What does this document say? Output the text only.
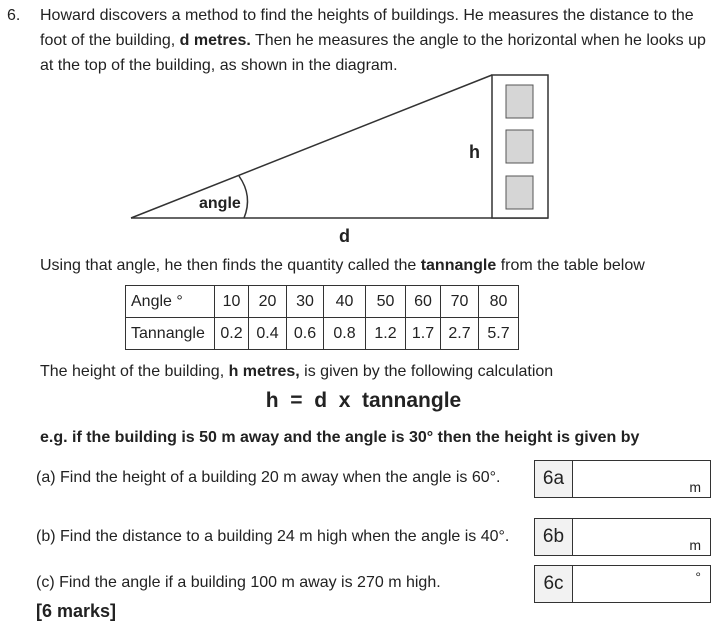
6. Howard discovers a method to find the heights of buildings. He measures the distance to the
foot of the building, d metres. Then he measures the angle to the horizontal when he looks up
at the top of the building, as shown in the diagram.
angle
h
d
Using that angle, he then finds the quantity called the tannangle from the table below
Angle °	10	20	30	40	50	60	70	80
Tannangle	0.2	0.4	0.6	0.8	1.2	1.7	2.7	5.7
The height of the building, h metres, is given by the following calculation
h  =  d  x  tannangle
e.g. if the building is 50 m away and the angle is 30° then the height is given by
(a) Find the height of a building 20 m away when the angle is 60°.	6a	m
(b) Find the distance to a building 24 m high when the angle is 40°.	6b	m
(c) Find the angle if a building 100 m away is 270 m high.	6c	°
[6 marks]
